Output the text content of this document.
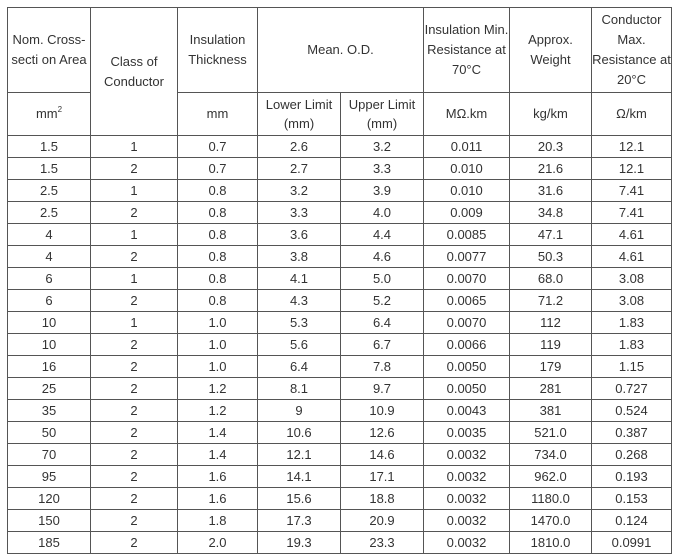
Nom. Cross-secti on Area	Class of Conductor	Insulation Thickness	Mean. O.D.		Insulation Min. Resistance at 70°C	Approx. Weight	Conductor Max. Resistance at 20°C
$mm^2$		mm	Lower Limit (mm)	Upper Limit (mm)	MΩ.km	kg/km	Ω/km
1.5	1	0.7	2.6	3.2	0.011	20.3	12.1
1.5	2	0.7	2.7	3.3	0.010	21.6	12.1
2.5	1	0.8	3.2	3.9	0.010	31.6	7.41
2.5	2	0.8	3.3	4.0	0.009	34.8	7.41
4	1	0.8	3.6	4.4	0.0085	47.1	4.61
4	2	0.8	3.8	4.6	0.0077	50.3	4.61
6	1	0.8	4.1	5.0	0.0070	68.0	3.08
6	2	0.8	4.3	5.2	0.0065	71.2	3.08
10	1	1.0	5.3	6.4	0.0070	112	1.83
10	2	1.0	5.6	6.7	0.0066	119	1.83
16	2	1.0	6.4	7.8	0.0050	179	1.15
25	2	1.2	8.1	9.7	0.0050	281	0.727
35	2	1.2	9	10.9	0.0043	381	0.524
50	2	1.4	10.6	12.6	0.0035	521.0	0.387
70	2	1.4	12.1	14.6	0.0032	734.0	0.268
95	2	1.6	14.1	17.1	0.0032	962.0	0.193
120	2	1.6	15.6	18.8	0.0032	1180.0	0.153
150	2	1.8	17.3	20.9	0.0032	1470.0	0.124
185	2	2.0	19.3	23.3	0.0032	1810.0	0.0991
